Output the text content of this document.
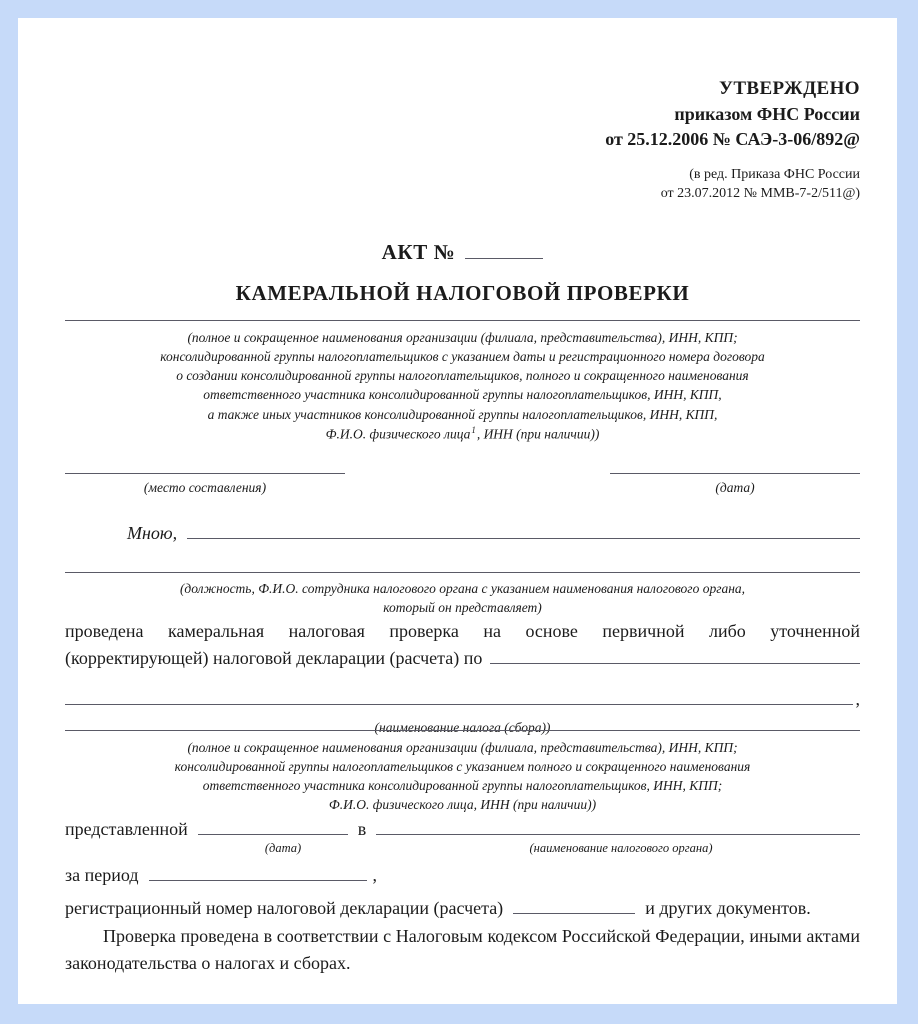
УТВЕРЖДЕНО
приказом ФНС России
от 25.12.2006 № САЭ-3-06/892@
(в ред. Приказа ФНС России
от 23.07.2012 № ММВ-7-2/511@)
АКТ №
КАМЕРАЛЬНОЙ НАЛОГОВОЙ ПРОВЕРКИ
(полное и сокращенное наименования организации (филиала, представительства), ИНН, КПП;
консолидированной группы налогоплательщиков с указанием даты и регистрационного номера договора
о создании консолидированной группы налогоплательщиков, полного и сокращенного наименования
ответственного участника консолидированной группы налогоплательщиков, ИНН, КПП,
а также иных участников консолидированной группы налогоплательщиков, ИНН, КПП,
Ф.И.О. физического лица$^1$, ИНН (при наличии))
(место составления)	(дата)
Мною,
(должность, Ф.И.О. сотрудника налогового органа с указанием наименования налогового органа,
который он представляет)

проведена камеральная налоговая проверка на основе первичной либо уточненной

(корректирующей) налоговой декларации (расчета) по

,

(наименование налога (сбора))
(полное и сокращенное наименования организации (филиала, представительства), ИНН, КПП;
консолидированной группы налогоплательщиков с указанием полного и сокращенного наименования
ответственного участника консолидированной группы налогоплательщиков, ИНН, КПП;
Ф.И.О. физического лица, ИНН (при наличии))
представленной	в
(дата)	(наименование налогового органа)
за период	,
регистрационный номер налоговой декларации (расчета)	и других документов.

Проверка проведена в соответствии с Налоговым кодексом Российской Федерации, иными актами законодательства о налогах и сборах.
